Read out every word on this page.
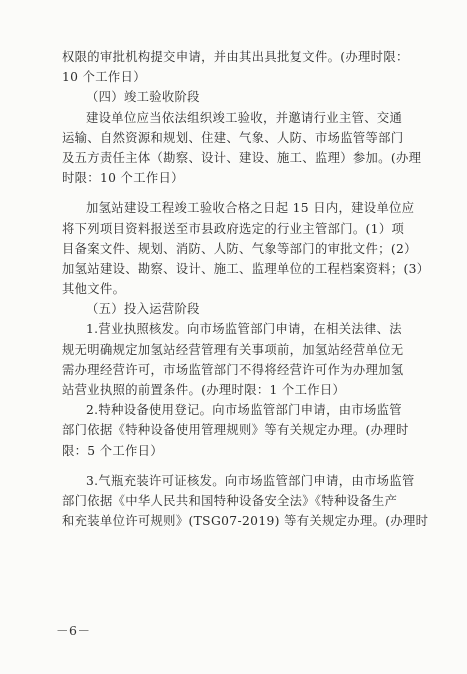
权限的审批机构提交申请，并由其出具批复文件。(办理时限：
10 个工作日）
（四）竣工验收阶段
建设单位应当依法组织竣工验收，并邀请行业主管、交通
运输、自然资源和规划、住建、气象、人防、市场监管等部门
及五方责任主体（勘察、设计、建设、施工、监理）参加。(办理
时限：10 个工作日）
加氢站建设工程竣工验收合格之日起 15 日内，建设单位应
将下列项目资料报送至市县政府选定的行业主管部门。(1）项
目备案文件、规划、消防、人防、气象等部门的审批文件；(2）
加氢站建设、勘察、设计、施工、监理单位的工程档案资料；(3）
其他文件。
（五）投入运营阶段
1.营业执照核发。向市场监管部门申请，在相关法律、法
规无明确规定加氢站经营管理有关事项前，加氢站经营单位无
需办理经营许可，市场监管部门不得将经营许可作为办理加氢
站营业执照的前置条件。(办理时限：1 个工作日）
2.特种设备使用登记。向市场监管部门申请，由市场监管
部门依据《特种设备使用管理规则》等有关规定办理。(办理时
限：5 个工作日）
3.气瓶充装许可证核发。向市场监管部门申请，由市场监管
部门依据《中华人民共和国特种设备安全法》《特种设备生产
和充装单位许可规则》(TSG07-2019) 等有关规定办理。(办理时
－6－
